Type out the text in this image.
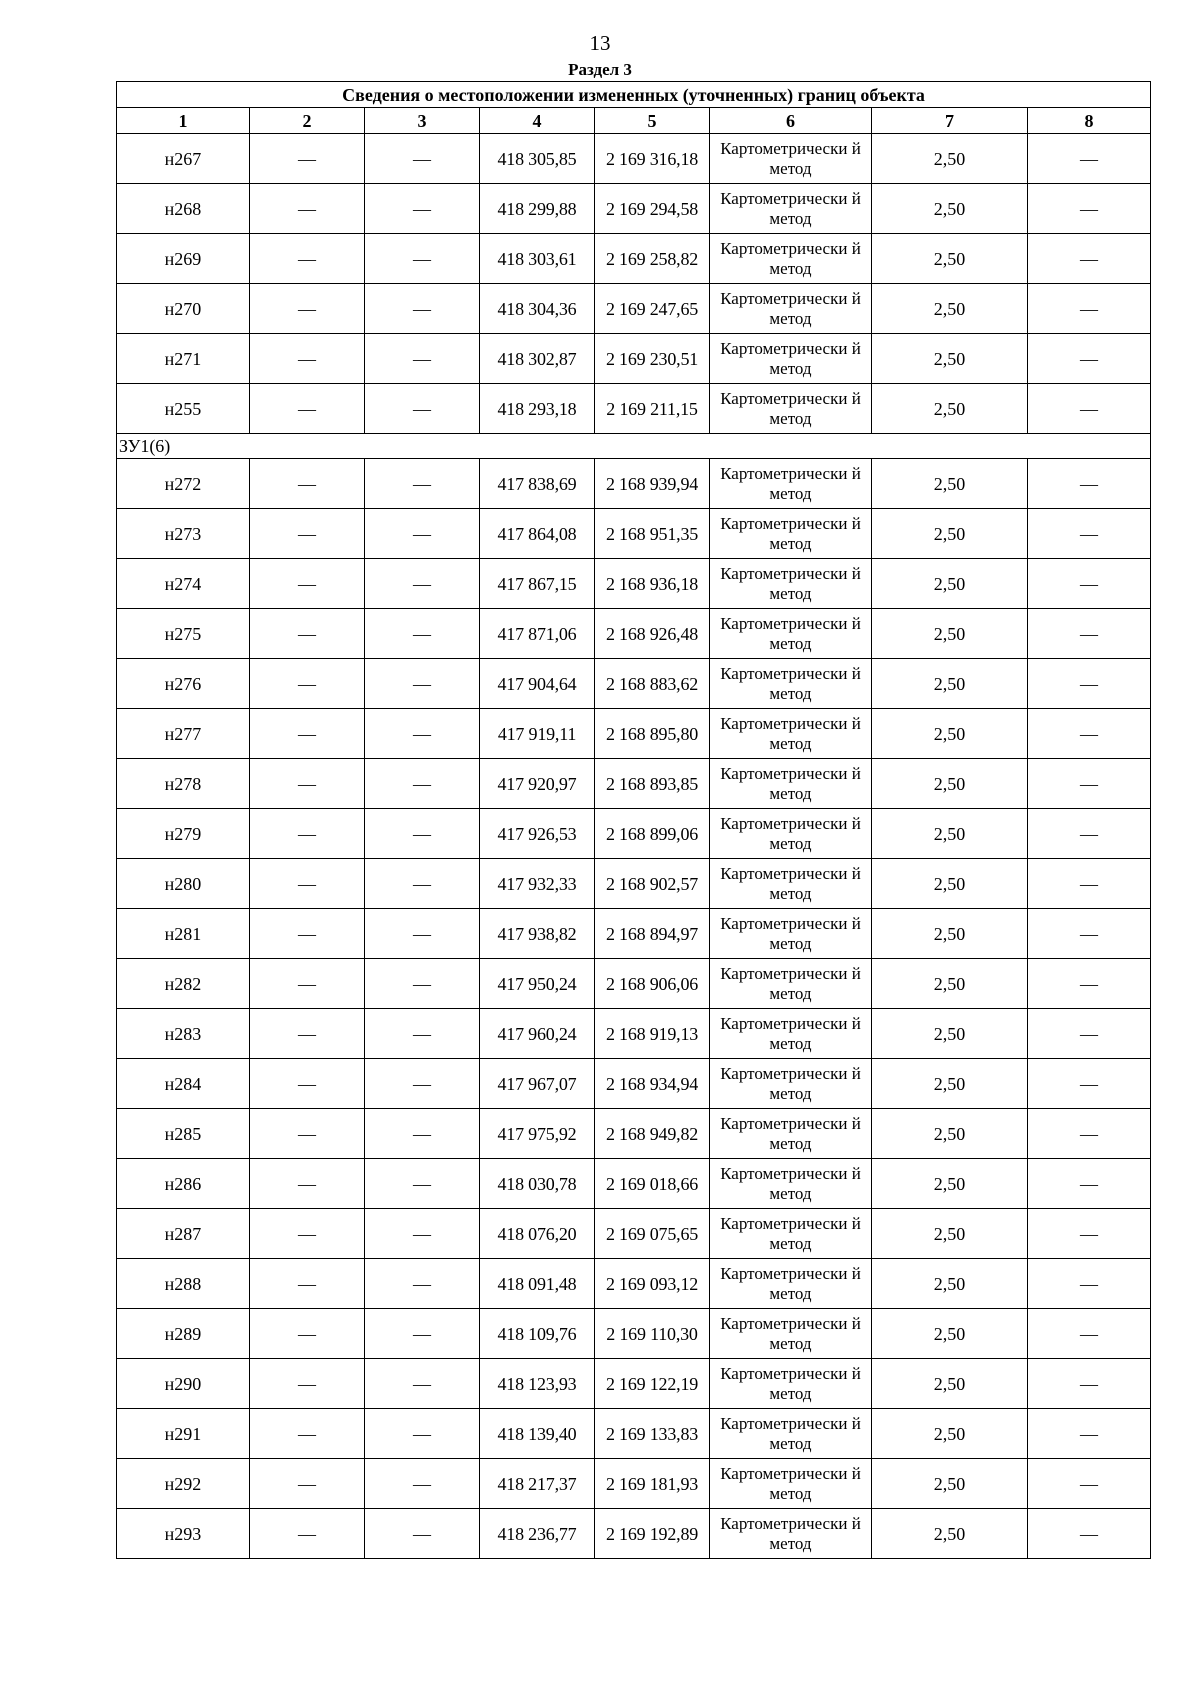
13
Раздел 3
Сведения о местоположении измененных (уточненных) границ объекта							
1	2	3	4	5	6	7	8
н267	—	—	418 305,85	2 169 316,18	Картометрически й метод	2,50	—
н268	—	—	418 299,88	2 169 294,58	Картометрически й метод	2,50	—
н269	—	—	418 303,61	2 169 258,82	Картометрически й метод	2,50	—
н270	—	—	418 304,36	2 169 247,65	Картометрически й метод	2,50	—
н271	—	—	418 302,87	2 169 230,51	Картометрически й метод	2,50	—
н255	—	—	418 293,18	2 169 211,15	Картометрически й метод	2,50	—
ЗУ1(6)							
н272	—	—	417 838,69	2 168 939,94	Картометрически й метод	2,50	—
н273	—	—	417 864,08	2 168 951,35	Картометрически й метод	2,50	—
н274	—	—	417 867,15	2 168 936,18	Картометрически й метод	2,50	—
н275	—	—	417 871,06	2 168 926,48	Картометрически й метод	2,50	—
н276	—	—	417 904,64	2 168 883,62	Картометрически й метод	2,50	—
н277	—	—	417 919,11	2 168 895,80	Картометрически й метод	2,50	—
н278	—	—	417 920,97	2 168 893,85	Картометрически й метод	2,50	—
н279	—	—	417 926,53	2 168 899,06	Картометрически й метод	2,50	—
н280	—	—	417 932,33	2 168 902,57	Картометрически й метод	2,50	—
н281	—	—	417 938,82	2 168 894,97	Картометрически й метод	2,50	—
н282	—	—	417 950,24	2 168 906,06	Картометрически й метод	2,50	—
н283	—	—	417 960,24	2 168 919,13	Картометрически й метод	2,50	—
н284	—	—	417 967,07	2 168 934,94	Картометрически й метод	2,50	—
н285	—	—	417 975,92	2 168 949,82	Картометрически й метод	2,50	—
н286	—	—	418 030,78	2 169 018,66	Картометрически й метод	2,50	—
н287	—	—	418 076,20	2 169 075,65	Картометрически й метод	2,50	—
н288	—	—	418 091,48	2 169 093,12	Картометрически й метод	2,50	—
н289	—	—	418 109,76	2 169 110,30	Картометрически й метод	2,50	—
н290	—	—	418 123,93	2 169 122,19	Картометрически й метод	2,50	—
н291	—	—	418 139,40	2 169 133,83	Картометрически й метод	2,50	—
н292	—	—	418 217,37	2 169 181,93	Картометрически й метод	2,50	—
н293	—	—	418 236,77	2 169 192,89	Картометрически й метод	2,50	—
